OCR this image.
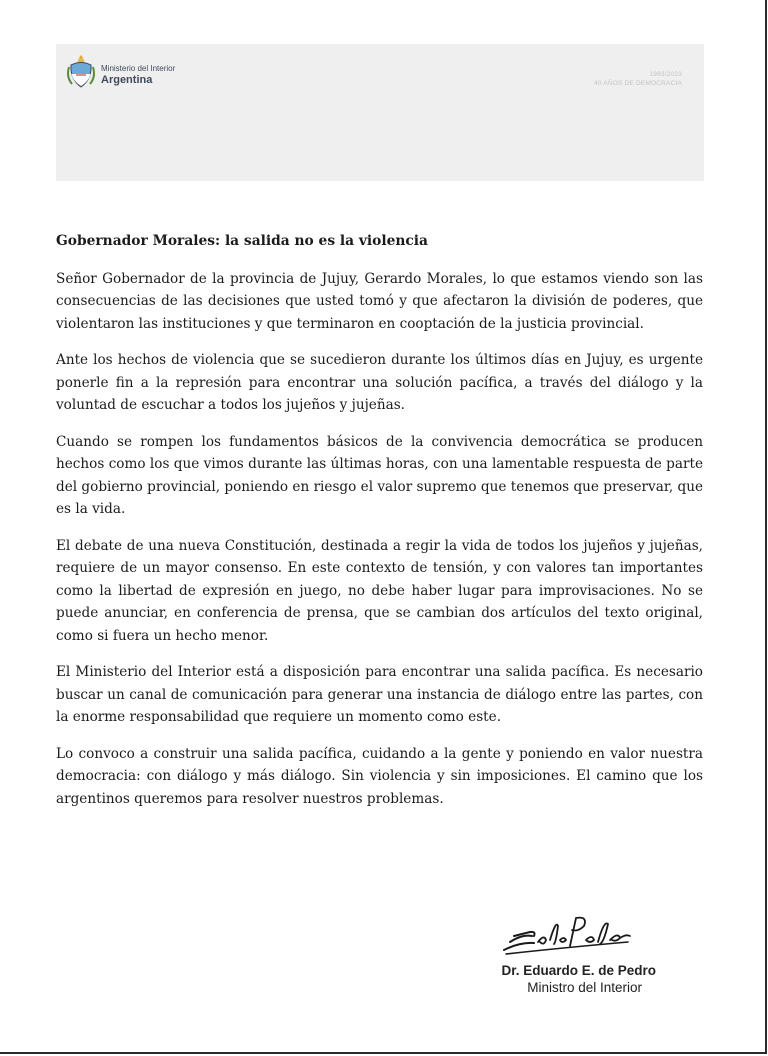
Ministerio del Interior
Argentina	1983/2023
40 AÑOS DE DEMOCRACIA

Gobernador Morales: la salida no es la violencia

Señor Gobernador de la provincia de Jujuy, Gerardo Morales, lo que estamos viendo son las consecuencias de las decisiones que usted tomó y que afectaron la división de poderes, que violentaron las instituciones y que terminaron en cooptación de la justicia provincial.

Ante los hechos de violencia que se sucedieron durante los últimos días en Jujuy, es urgente ponerle fin a la represión para encontrar una solución pacífica, a través del diálogo y la voluntad de escuchar a todos los jujeños y jujeñas.

Cuando se rompen los fundamentos básicos de la convivencia democrática se producen hechos como los que vimos durante las últimas horas, con una lamentable respuesta de parte del gobierno provincial, poniendo en riesgo el valor supremo que tenemos que preservar, que es la vida.

El debate de una nueva Constitución, destinada a regir la vida de todos los jujeños y jujeñas, requiere de un mayor consenso. En este contexto de tensión, y con valores tan importantes como la libertad de expresión en juego, no debe haber lugar para improvisaciones. No se puede anunciar, en conferencia de prensa, que se cambian dos artículos del texto original, como si fuera un hecho menor.

El Ministerio del Interior está a disposición para encontrar una salida pacífica. Es necesario buscar un canal de comunicación para generar una instancia de diálogo entre las partes, con la enorme responsabilidad que requiere un momento como este.

Lo convoco a construir una salida pacífica, cuidando a la gente y poniendo en valor nuestra democracia: con diálogo y más diálogo. Sin violencia y sin imposiciones. El camino que los argentinos queremos para resolver nuestros problemas.

Dr. Eduardo E. de Pedro
Ministro del Interior
